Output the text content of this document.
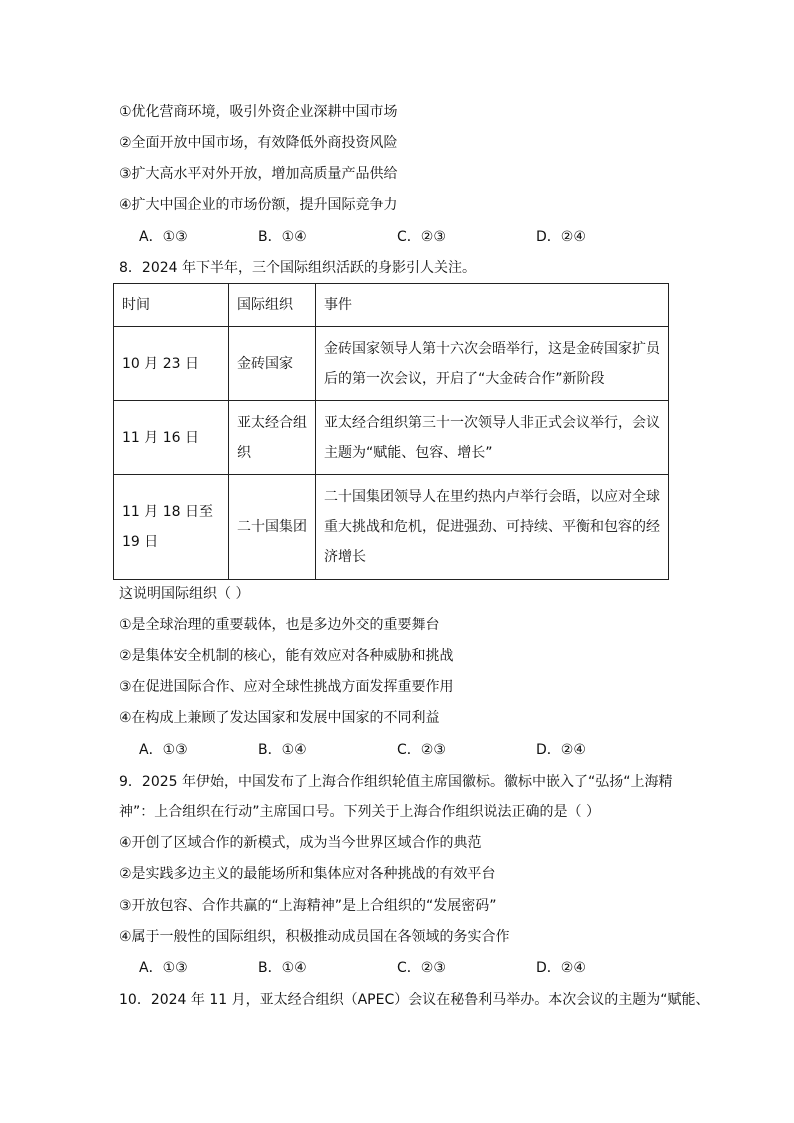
①优化营商环境，吸引外资企业深耕中国市场
②全面开放中国市场，有效降低外商投资风险
③扩大高水平对外开放，增加高质量产品供给
④扩大中国企业的市场份额，提升国际竞争力
A．①③	B．①④	C．②③	D．②④
8．2024 年下半年，三个国际组织活跃的身影引人关注。
时间	国际组织	事件
10 月 23 日	金砖国家	金砖国家领导人第十六次会晤举行，这是金砖国家扩员后的第一次会议，开启了“大金砖合作”新阶段
11 月 16 日	亚太经合组织	亚太经合组织第三十一次领导人非正式会议举行，会议主题为“赋能、包容、增长”
11 月 18 日至 19 日	二十国集团	二十国集团领导人在里约热内卢举行会晤，以应对全球重大挑战和危机，促进强劲、可持续、平衡和包容的经济增长
这说明国际组织（ ）
①是全球治理的重要载体，也是多边外交的重要舞台
②是集体安全机制的核心，能有效应对各种威胁和挑战
③在促进国际合作、应对全球性挑战方面发挥重要作用
④在构成上兼顾了发达国家和发展中国家的不同利益
A．①③	B．①④	C．②③	D．②④
9．2025 年伊始，中国发布了上海合作组织轮值主席国徽标。徽标中嵌入了“弘扬“上海精
神”：上合组织在行动”主席国口号。下列关于上海合作组织说法正确的是（ ）
④开创了区域合作的新模式，成为当今世界区域合作的典范
②是实践多边主义的最能场所和集体应对各种挑战的有效平台
③开放包容、合作共赢的“上海精神”是上合组织的“发展密码”
④属于一般性的国际组织，积极推动成员国在各领域的务实合作
A．①③	B．①④	C．②③	D．②④
10．2024 年 11 月，亚太经合组织（APEC）会议在秘鲁利马举办。本次会议的主题为“赋能、
